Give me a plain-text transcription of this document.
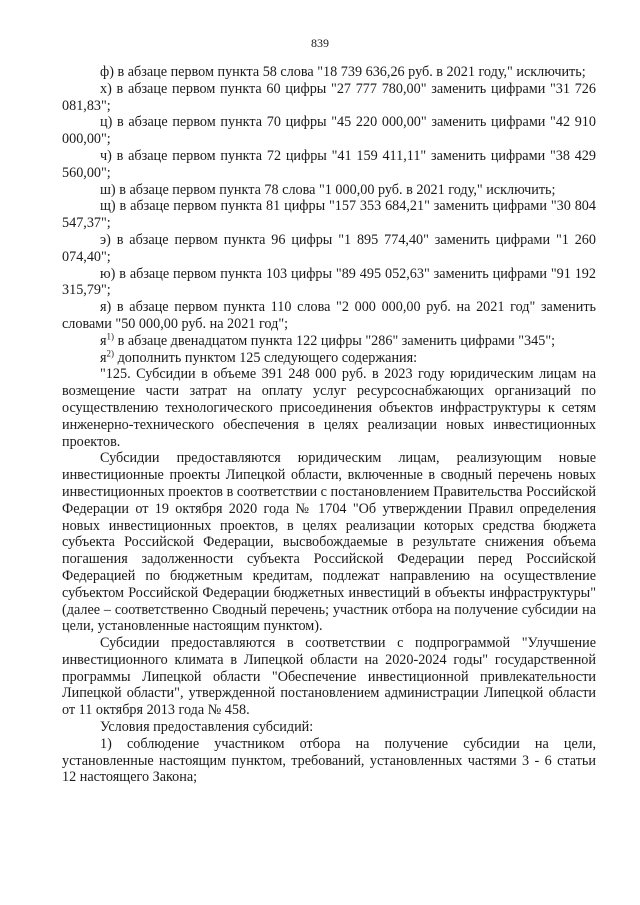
839

ф) в абзаце первом пункта 58 слова "18 739 636,26 руб. в 2021 году," исключить;

х) в абзаце первом пункта 60 цифры "27 777 780,00" заменить цифрами "31 726 081,83";

ц) в абзаце первом пункта 70 цифры "45 220 000,00" заменить цифрами "42 910 000,00";

ч) в абзаце первом пункта 72 цифры "41 159 411,11" заменить цифрами "38 429 560,00";

ш) в абзаце первом пункта 78 слова "1 000,00 руб. в 2021 году," исключить;

щ) в абзаце первом пункта 81 цифры "157 353 684,21" заменить цифрами "30 804 547,37";

э) в абзаце первом пункта 96 цифры "1 895 774,40" заменить цифрами "1 260 074,40";

ю) в абзаце первом пункта 103 цифры "89 495 052,63" заменить цифрами "91 192 315,79";

я) в абзаце первом пункта 110 слова "2 000 000,00 руб. на 2021 год" заменить словами "50 000,00 руб. на 2021 год";

$я^{1)}$ в абзаце двенадцатом пункта 122 цифры "286" заменить цифрами "345";

$я^{2)}$ дополнить пунктом 125 следующего содержания:

"125. Субсидии в объеме 391 248 000 руб. в 2023 году юридическим лицам на возмещение части затрат на оплату услуг ресурсоснабжающих организаций по осуществлению технологического присоединения объектов инфраструктуры к сетям инженерно-технического обеспечения в целях реализации новых инвестиционных проектов.

Субсидии предоставляются юридическим лицам, реализующим новые инвестиционные проекты Липецкой области, включенные в сводный перечень новых инвестиционных проектов в соответствии с постановлением Правительства Российской Федерации от 19 октября 2020 года № 1704 "Об утверждении Правил определения новых инвестиционных проектов, в целях реализации которых средства бюджета субъекта Российской Федерации, высвобождаемые в результате снижения объема погашения задолженности субъекта Российской Федерации перед Российской Федерацией по бюджетным кредитам, подлежат направлению на осуществление субъектом Российской Федерации бюджетных инвестиций в объекты инфраструктуры" (далее – соответственно Сводный перечень; участник отбора на получение субсидии на цели, установленные настоящим пунктом).

Субсидии предоставляются в соответствии с подпрограммой "Улучшение инвестиционного климата в Липецкой области на 2020-2024 годы" государственной программы Липецкой области "Обеспечение инвестиционной привлекательности Липецкой области", утвержденной постановлением администрации Липецкой области от 11 октября 2013 года № 458.

Условия предоставления субсидий:

1) соблюдение участником отбора на получение субсидии на цели, установленные настоящим пунктом, требований, установленных частями 3 - 6 статьи 12 настоящего Закона;
